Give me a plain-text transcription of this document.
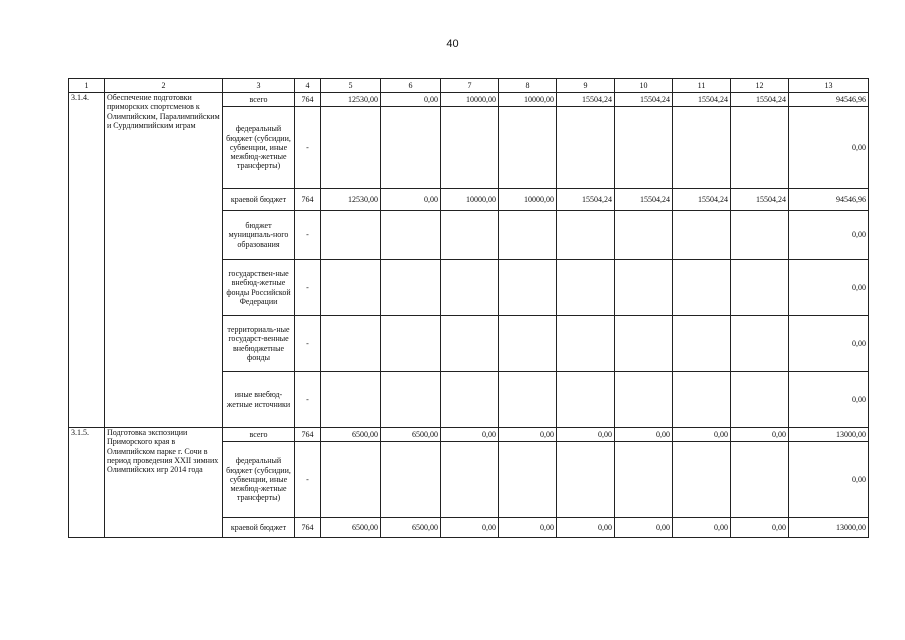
40
1	2	3	4	5	6	7	8	9	10	11	12	13
3.1.4.	Обеспечение подготовки приморских спортсменов к Олимпийским, Паралимпийским и Сурдлимпийским играм	всего	764	12530,00	0,00	10000,00	10000,00	15504,24	15504,24	15504,24	15504,24	94546,96
		федеральный бюджет (субсидии, субвенции, иные межбюд-жетные трансферты)	-									0,00
		краевой бюджет	764	12530,00	0,00	10000,00	10000,00	15504,24	15504,24	15504,24	15504,24	94546,96
		бюджет муниципаль-ного образования	-									0,00
		государствен-ные внебюд-жетные фонды Российской Федерации	-									0,00
		территориаль-ные государст-венные внебюджетные фонды	-									0,00
		иные внебюд-жетные источники	-									0,00
3.1.5.	Подготовка экспозиции Приморского края в Олимпийском парке г. Сочи в период проведения XXII зимних Олимпийских игр 2014 года	всего	764	6500,00	6500,00	0,00	0,00	0,00	0,00	0,00	0,00	13000,00
		федеральный бюджет (субсидии, субвенции, иные межбюд-жетные трансферты)	-									0,00
		краевой бюджет	764	6500,00	6500,00	0,00	0,00	0,00	0,00	0,00	0,00	13000,00
